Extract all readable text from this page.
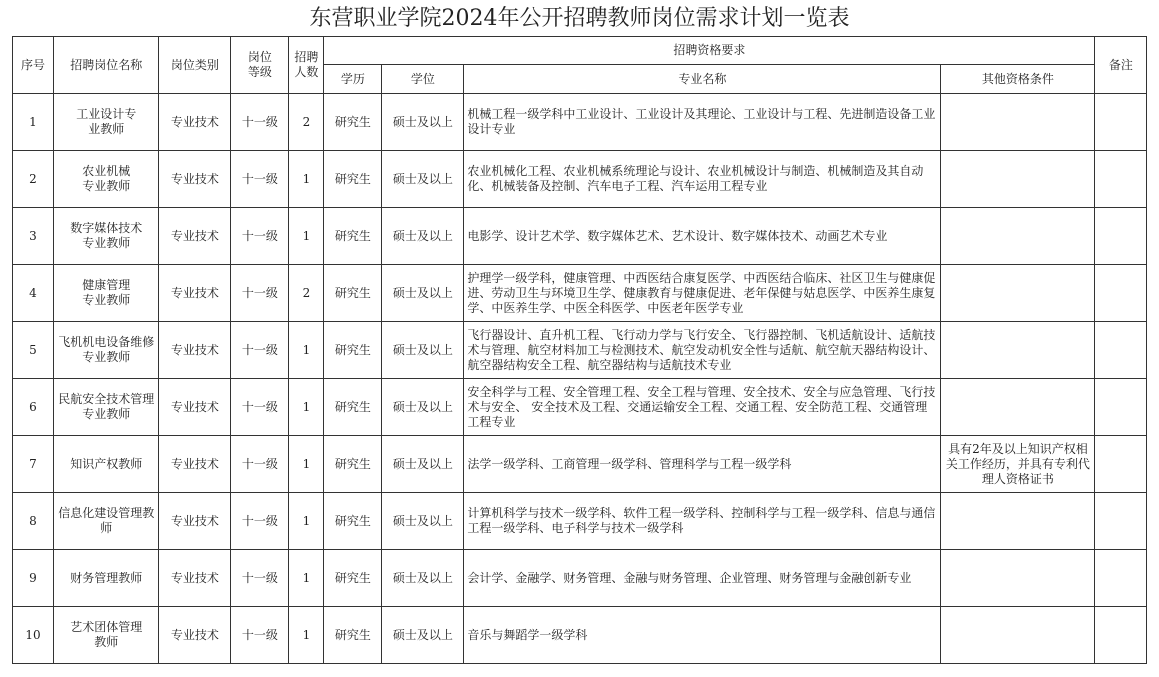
东营职业学院2024年公开招聘教师岗位需求计划一览表
序号	招聘岗位名称	岗位类别	岗位等级	招聘人数	招聘资格要求				备注
					学历	学位	专业名称	其他资格条件	
1	工业设计专业教师	专业技术	十一级	2	研究生	硕士及以上	机械工程一级学科中工业设计、工业设计及其理论、工业设计与工程、先进制造设备工业设计专业		
2	农业机械专业教师	专业技术	十一级	1	研究生	硕士及以上	农业机械化工程、农业机械系统理论与设计、农业机械设计与制造、机械制造及其自动化、机械装备及控制、汽车电子工程、汽车运用工程专业		
3	数字媒体技术专业教师	专业技术	十一级	1	研究生	硕士及以上	电影学、设计艺术学、数字媒体艺术、艺术设计、数字媒体技术、动画艺术专业		
4	健康管理专业教师	专业技术	十一级	2	研究生	硕士及以上	护理学一级学科，健康管理、中西医结合康复医学、中西医结合临床、社区卫生与健康促进、劳动卫生与环境卫生学、健康教育与健康促进、老年保健与姑息医学、中医养生康复学、中医养生学、中医全科医学、中医老年医学专业		
5	飞机机电设备维修专业教师	专业技术	十一级	1	研究生	硕士及以上	飞行器设计、直升机工程、飞行动力学与飞行安全、飞行器控制、飞机适航设计、适航技术与管理、航空材料加工与检测技术、航空发动机安全性与适航、航空航天器结构设计、航空器结构安全工程、航空器结构与适航技术专业		
6	民航安全技术管理专业教师	专业技术	十一级	1	研究生	硕士及以上	安全科学与工程、安全管理工程、安全工程与管理、安全技术、安全与应急管理、飞行技术与安全、 安全技术及工程、交通运输安全工程、交通工程、安全防范工程、交通管理工程专业		
7	知识产权教师	专业技术	十一级	1	研究生	硕士及以上	法学一级学科、工商管理一级学科、管理科学与工程一级学科	具有2年及以上知识产权相关工作经历，并具有专利代理人资格证书	
8	信息化建设管理教师	专业技术	十一级	1	研究生	硕士及以上	计算机科学与技术一级学科、软件工程一级学科、控制科学与工程一级学科、信息与通信工程一级学科、电子科学与技术一级学科		
9	财务管理教师	专业技术	十一级	1	研究生	硕士及以上	会计学、金融学、财务管理、金融与财务管理、企业管理、财务管理与金融创新专业		
10	艺术团体管理教师	专业技术	十一级	1	研究生	硕士及以上	音乐与舞蹈学一级学科		
